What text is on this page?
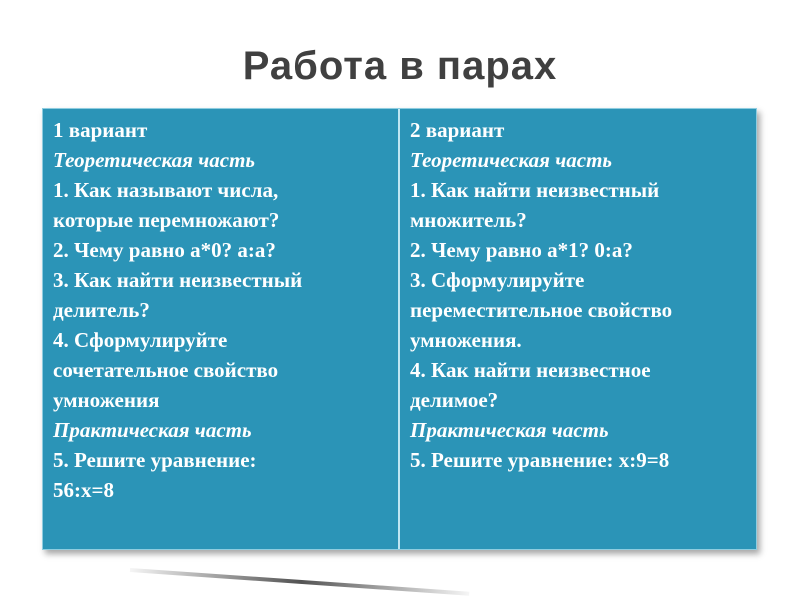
Работа в парах

1 вариант

Теоретическая часть

1. Как называют числа,

которые перемножают?

2. Чему равно а*0? а:а?

3. Как найти неизвестный

делитель?

4. Сформулируйте

сочетательное свойство

умножения

Практическая часть

5. Решите уравнение:

56:х=8

2 вариант

Теоретическая часть

1. Как найти неизвестный

множитель?

2. Чему равно а*1? 0:а?

3. Сформулируйте

переместительное свойство

умножения.

4. Как найти неизвестное

делимое?

Практическая часть

5. Решите уравнение: х:9=8
